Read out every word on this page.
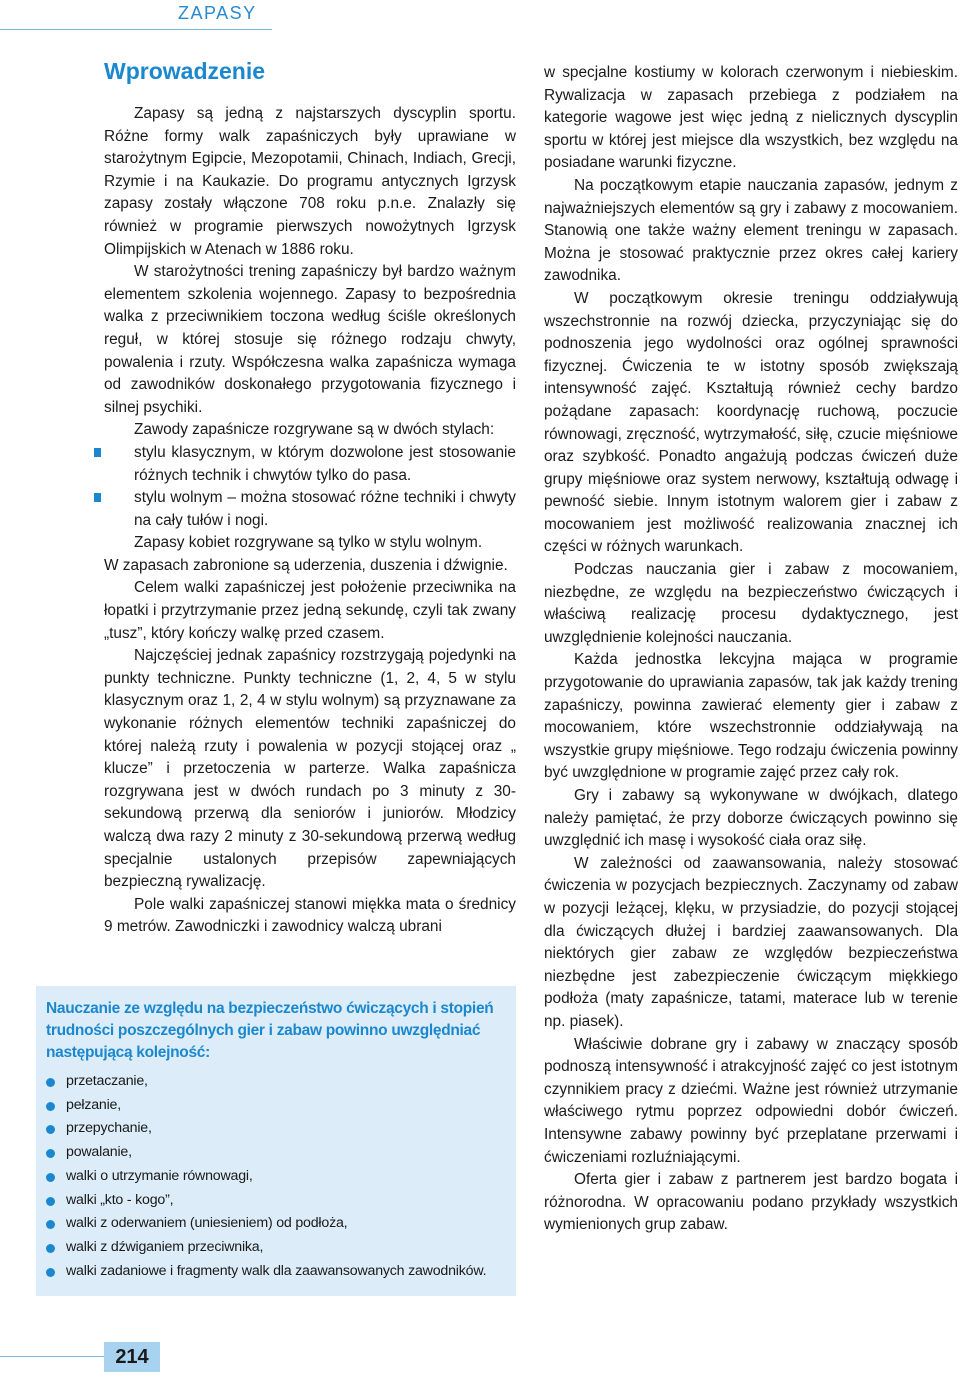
ZAPASY
Wprowadzenie

Zapasy są jedną z najstarszych dyscyplin sportu. Różne formy walk zapaśniczych były uprawiane w starożytnym Egipcie, Mezopotamii, Chinach, Indiach, Grecji, Rzymie i na Kaukazie. Do programu antycznych Igrzysk zapasy zostały włączone 708 roku p.n.e. Znalazły się również w programie pierwszych nowożytnych Igrzysk Olimpijskich w Atenach w 1886 roku.

W starożytności trening zapaśniczy był bardzo ważnym elementem szkolenia wojennego. Zapasy to bezpośrednia walka z przeciwnikiem toczona według ściśle określonych reguł, w której stosuje się różnego rodzaju chwyty, powalenia i rzuty. Współczesna walka zapaśnicza wymaga od zawodników doskonałego przygotowania fizycznego i silnej psychiki.

Zawody zapaśnicze rozgrywane są w dwóch stylach:

stylu klasycznym, w którym dozwolone jest stosowanie różnych technik i chwytów tylko do pasa.
stylu wolnym – można stosować różne techniki i chwyty na cały tułów i nogi.

Zapasy kobiet rozgrywane są tylko w stylu wolnym.

W zapasach zabronione są uderzenia, duszenia i dźwignie.

Celem walki zapaśniczej jest położenie przeciwnika na łopatki i przytrzymanie przez jedną sekundę, czyli tak zwany „tusz”, który kończy walkę przed czasem.

Najczęściej jednak zapaśnicy rozstrzygają pojedynki na punkty techniczne. Punkty techniczne (1, 2, 4, 5 w stylu klasycznym oraz 1, 2, 4 w stylu wolnym) są przyznawane za wykonanie różnych elementów techniki zapaśniczej do której należą rzuty i powalenia w pozycji stojącej oraz „ klucze” i przetoczenia w parterze. Walka zapaśnicza rozgrywana jest w dwóch rundach po 3 minuty z 30-sekundową przerwą dla seniorów i juniorów. Młodzicy walczą dwa razy 2 minuty z 30-sekundową przerwą według specjalnie ustalonych przepisów zapewniających bezpieczną rywalizację.

Pole walki zapaśniczej stanowi miękka mata o średnicy 9 metrów. Zawodniczki i zawodnicy walczą ubrani

w specjalne kostiumy w kolorach czerwonym i niebieskim. Rywalizacja w zapasach przebiega z podziałem na kategorie wagowe jest więc jedną z nielicznych dyscyplin sportu w której jest miejsce dla wszystkich, bez względu na posiadane warunki fizyczne.

Na początkowym etapie nauczania zapasów, jednym z najważniejszych elementów są gry i zabawy z mocowaniem. Stanowią one także ważny element treningu w zapasach. Można je stosować praktycznie przez okres całej kariery zawodnika.

W początkowym okresie treningu oddziaływują wszechstronnie na rozwój dziecka, przyczyniając się do podnoszenia jego wydolności oraz ogólnej sprawności fizycznej. Ćwiczenia te w istotny sposób zwiększają intensywność zajęć. Kształtują również cechy bardzo pożądane zapasach: koordynację ruchową, poczucie równowagi, zręczność, wytrzymałość, siłę, czucie mięśniowe oraz szybkość. Ponadto angażują podczas ćwiczeń duże grupy mięśniowe oraz system nerwowy, kształtują odwagę i pewność siebie. Innym istotnym walorem gier i zabaw z mocowaniem jest możliwość realizowania znacznej ich części w różnych warunkach.

Podczas nauczania gier i zabaw z mocowaniem, niezbędne, ze względu na bezpieczeństwo ćwiczących i właściwą realizację procesu dydaktycznego, jest uwzględnienie kolejności nauczania.

Każda jednostka lekcyjna mająca w programie przygotowanie do uprawiania zapasów, tak jak każdy trening zapaśniczy, powinna zawierać elementy gier i zabaw z mocowaniem, które wszechstronnie oddziaływają na wszystkie grupy mięśniowe. Tego rodzaju ćwiczenia powinny być uwzględnione w programie zajęć przez cały rok.

Gry i zabawy są wykonywane w dwójkach, dlatego należy pamiętać, że przy doborze ćwiczących powinno się uwzględnić ich masę i wysokość ciała oraz siłę.

W zależności od zaawansowania, należy stosować ćwiczenia w pozycjach bezpiecznych. Zaczynamy od zabaw w pozycji leżącej, klęku, w przysiadzie, do pozycji stojącej dla ćwiczących dłużej i bardziej zaawansowanych. Dla niektórych gier zabaw ze względów bezpieczeństwa niezbędne jest zabezpieczenie ćwiczącym miękkiego podłoża (maty zapaśnicze, tatami, materace lub w terenie np. piasek).

Właściwie dobrane gry i zabawy w znaczący sposób podnoszą intensywność i atrakcyjność zajęć co jest istotnym czynnikiem pracy z dziećmi. Ważne jest również utrzymanie właściwego rytmu poprzez odpowiedni dobór ćwiczeń. Intensywne zabawy powinny być przeplatane przerwami i ćwiczeniami rozluźniającymi.

Oferta gier i zabaw z partnerem jest bardzo bogata i różnorodna. W opracowaniu podano przykłady wszystkich wymienionych grup zabaw.

Nauczanie ze względu na bezpieczeństwo ćwiczących i stopień trudności poszczególnych gier i zabaw powinno uwzględniać następującą kolejność:
przetaczanie,
pełzanie,
przepychanie,
powalanie,
walki o utrzymanie równowagi,
walki „kto - kogo”,
walki z oderwaniem (uniesieniem) od podłoża,
walki z dźwiganiem przeciwnika,
walki zadaniowe i fragmenty walk dla zaawansowanych zawodników.
214
